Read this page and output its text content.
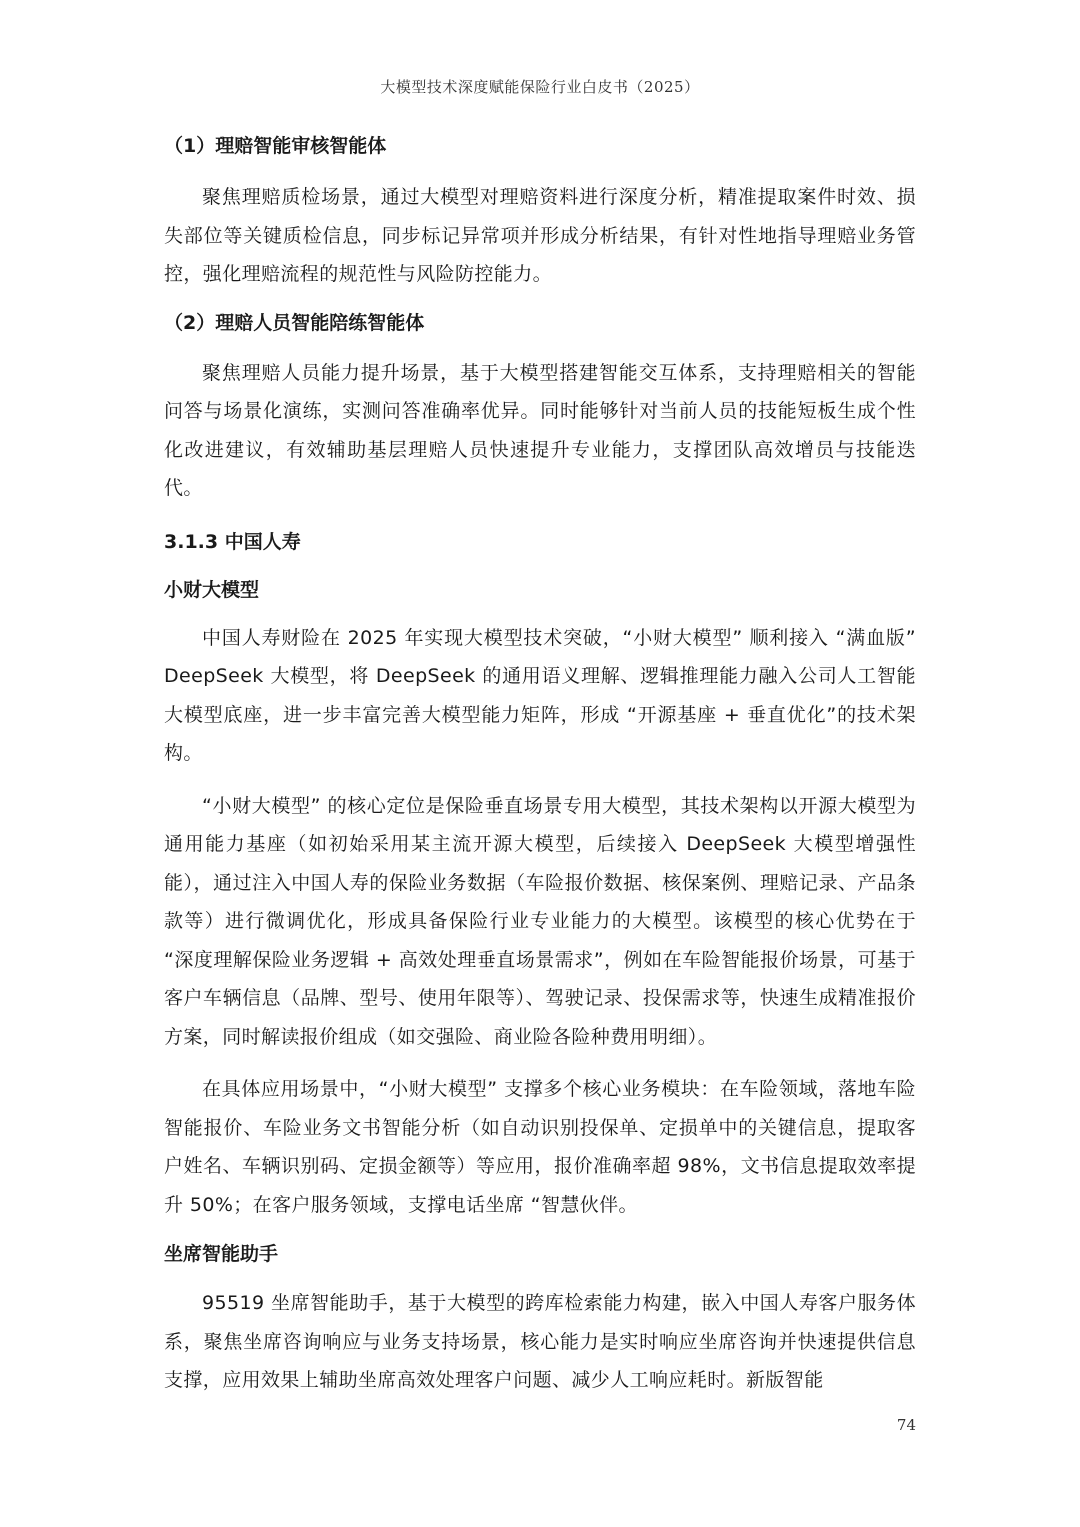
大模型技术深度赋能保险行业白皮书（2025）

（1）理赔智能审核智能体

聚焦理赔质检场景，通过大模型对理赔资料进行深度分析，精准提取案件时效、损失部位等关键质检信息，同步标记异常项并形成分析结果，有针对性地指导理赔业务管控，强化理赔流程的规范性与风险防控能力。

（2）理赔人员智能陪练智能体

聚焦理赔人员能力提升场景，基于大模型搭建智能交互体系，支持理赔相关的智能问答与场景化演练，实测问答准确率优异。同时能够针对当前人员的技能短板生成个性化改进建议，有效辅助基层理赔人员快速提升专业能力，支撑团队高效增员与技能迭代。

3.1.3 中国人寿

小财大模型

中国人寿财险在 2025 年实现大模型技术突破，“小财大模型” 顺利接入 “满血版” DeepSeek 大模型，将 DeepSeek 的通用语义理解、逻辑推理能力融入公司人工智能大模型底座，进一步丰富完善大模型能力矩阵，形成 “开源基座 + 垂直优化”的技术架构。

“小财大模型” 的核心定位是保险垂直场景专用大模型，其技术架构以开源大模型为通用能力基座（如初始采用某主流开源大模型，后续接入 DeepSeek 大模型增强性能），通过注入中国人寿的保险业务数据（车险报价数据、核保案例、理赔记录、产品条款等）进行微调优化，形成具备保险行业专业能力的大模型。该模型的核心优势在于 “深度理解保险业务逻辑 + 高效处理垂直场景需求”，例如在车险智能报价场景，可基于客户车辆信息（品牌、型号、使用年限等）、驾驶记录、投保需求等，快速生成精准报价方案，同时解读报价组成（如交强险、商业险各险种费用明细）。

在具体应用场景中，“小财大模型” 支撑多个核心业务模块：在车险领域，落地车险智能报价、车险业务文书智能分析（如自动识别投保单、定损单中的关键信息，提取客户姓名、车辆识别码、定损金额等）等应用，报价准确率超 98%，文书信息提取效率提升 50%；在客户服务领域，支撑电话坐席 “智慧伙伴。

坐席智能助手

95519 坐席智能助手，基于大模型的跨库检索能力构建，嵌入中国人寿客户服务体系，聚焦坐席咨询响应与业务支持场景，核心能力是实时响应坐席咨询并快速提供信息支撑，应用效果上辅助坐席高效处理客户问题、减少人工响应耗时。新版智能

74
